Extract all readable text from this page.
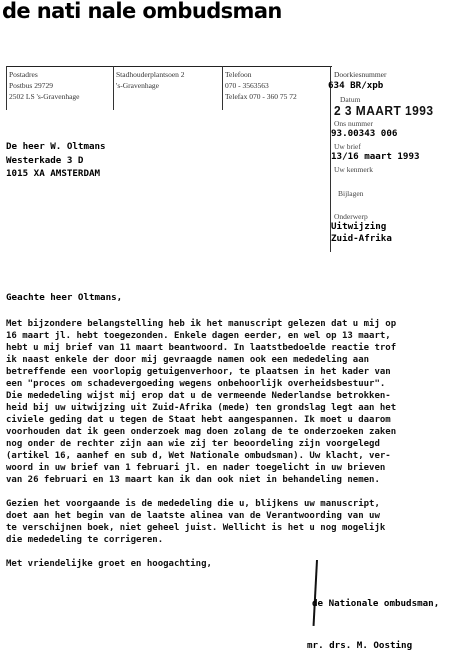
de nati nale ombudsman
Postadres
Postbus 29729
2502 LS 's-Gravenhage
Stadhouderplantsoen 2
's-Gravenhage
Telefoon
070 - 3563563
Telefax 070 - 360 75 72
Doorkiesnummer
634 BR/xpb
Datum
2 3 MAART 1993
Ons nummer
93.00343 006
Uw brief
13/16 maart 1993
Uw kenmerk
Bijlagen
Onderwerp
Uitwijzing
Zuid-Afrika
De heer W. Oltmans
Westerkade 3 D
1015 XA AMSTERDAM
Geachte heer Oltmans,
Met bijzondere belangstelling heb ik het manuscript gelezen dat u mij op
16 maart jl. hebt toegezonden. Enkele dagen eerder, en wel op 13 maart,
hebt u mij brief van 11 maart beantwoord. In laatstbedoelde reactie trof
ik naast enkele der door mij gevraagde namen ook een mededeling aan
betreffende een voorlopig getuigenverhoor, te plaatsen in het kader van
een "proces om schadevergoeding wegens onbehoorlijk overheidsbestuur".
Die mededeling wijst mij erop dat u de vermeende Nederlandse betrokken-
heid bij uw uitwijzing uit Zuid-Afrika (mede) ten grondslag legt aan het
civiele geding dat u tegen de Staat hebt aangespannen. Ik moet u daarom
voorhouden dat ik geen onderzoek mag doen zolang de te onderzoeken zaken
nog onder de rechter zijn aan wie zij ter beoordeling zijn voorgelegd
(artikel 16, aanhef en sub d, Wet Nationale ombudsman). Uw klacht, ver-
woord in uw brief van 1 februari jl. en nader toegelicht in uw brieven
van 26 februari en 13 maart kan ik dan ook niet in behandeling nemen.
Gezien het voorgaande is de mededeling die u, blijkens uw manuscript,
doet aan het begin van de laatste alinea van de Verantwoording van uw
te verschijnen boek, niet geheel juist. Wellicht is het u nog mogelijk
die mededeling te corrigeren.
Met vriendelijke groet en hoogachting,
de Nationale ombudsman,
mr. drs. M. Oosting
